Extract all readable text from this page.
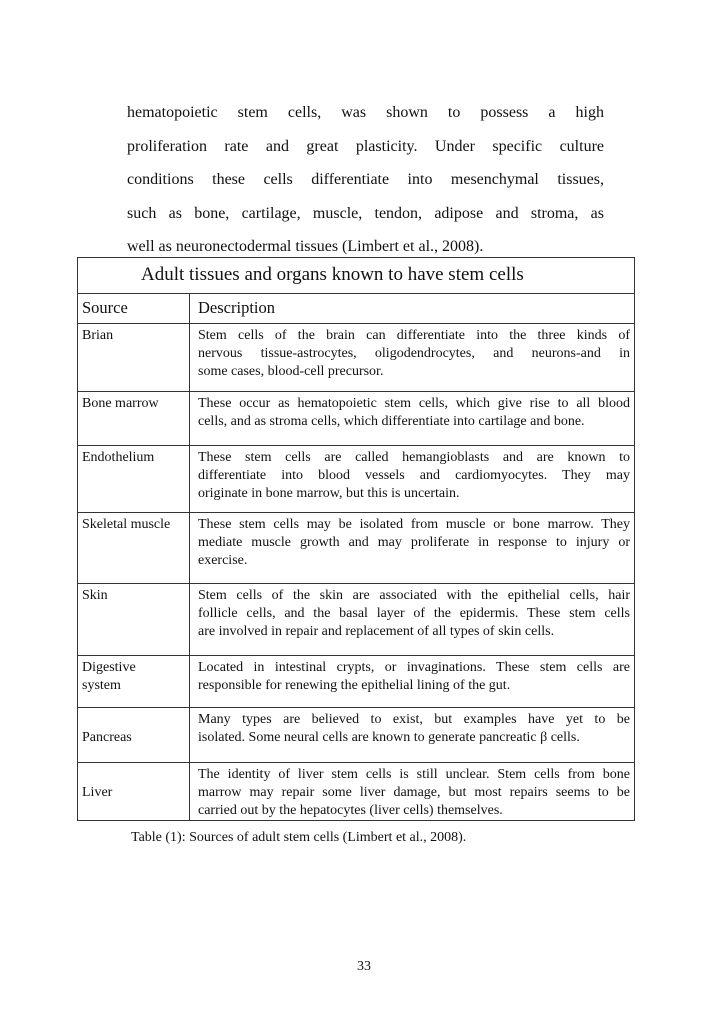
hematopoietic stem cells, was shown to possess a high
proliferation rate and great plasticity. Under specific culture
conditions these cells differentiate into mesenchymal tissues,
such as bone, cartilage, muscle, tendon, adipose and stroma, as
well as neuronectodermal tissues (Limbert et al., 2008).
Adult tissues and organs known to have stem cells	
Source	Description

Brian	Stem cells of the brain can differentiate into the three kinds of
nervous tissue-astrocytes, oligodendrocytes, and neurons-and in
some cases, blood-cell precursor.

Bone marrow	These occur as hematopoietic stem cells, which give rise to all blood
cells, and as stroma cells, which differentiate into cartilage and bone.

Endothelium	These stem cells are called hemangioblasts and are known to
differentiate into blood vessels and cardiomyocytes. They may
originate in bone marrow, but this is uncertain.

Skeletal muscle	These stem cells may be isolated from muscle or bone marrow. They
mediate muscle growth and may proliferate in response to injury or
exercise.

Skin	Stem cells of the skin are associated with the epithelial cells, hair
follicle cells, and the basal layer of the epidermis. These stem cells
are involved in repair and replacement of all types of skin cells.

Digestive
system	Located in intestinal crypts, or invaginations. These stem cells are
responsible for renewing the epithelial lining of the gut.

Pancreas	Many types are believed to exist, but examples have yet to be
isolated. Some neural cells are known to generate pancreatic β cells.

Liver	The identity of liver stem cells is still unclear. Stem cells from bone
marrow may repair some liver damage, but most repairs seems to be
carried out by the hepatocytes (liver cells) themselves.

Table (1): Sources of adult stem cells (Limbert et al., 2008).

33
